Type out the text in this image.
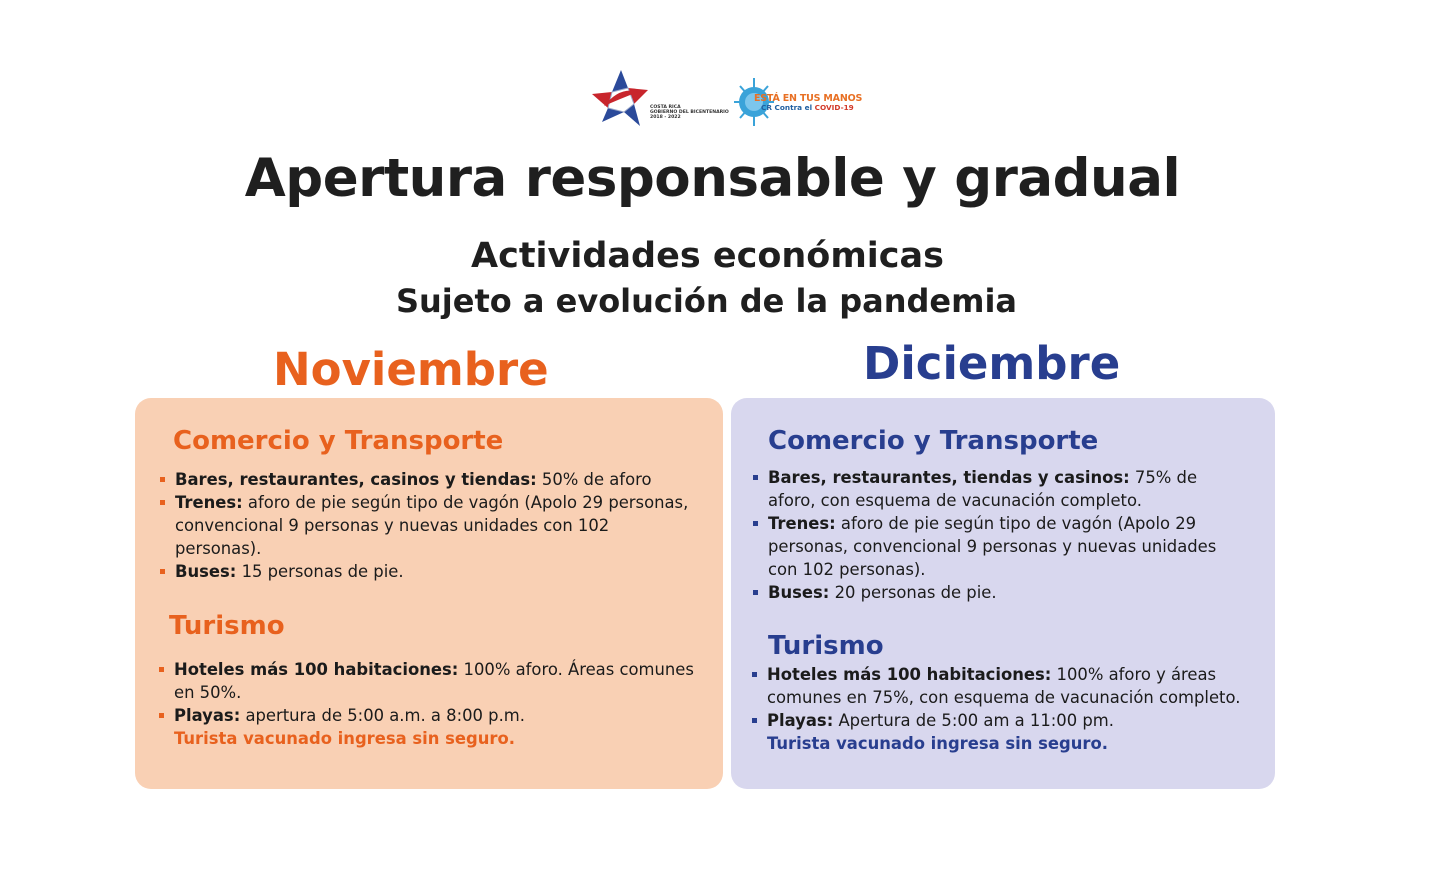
COSTA RICA
GOBIERNO DEL BICENTENARIO
2018 - 2022
ESTÁ EN TUS MANOS
CR Contra el COVID-19
Apertura responsable y gradual
Actividades económicas
Sujeto a evolución de la pandemia
Noviembre	Diciembre
Comercio y Transporte
Bares, restaurantes, casinos y tiendas: 50% de aforo
Trenes: aforo de pie según tipo de vagón (Apolo 29 personas, convencional 9 personas y nuevas unidades con 102 personas).
Buses: 15 personas de pie.
Turismo
Hoteles más 100 habitaciones: 100% aforo. Áreas comunes en 50%.
Playas: apertura de 5:00 a.m. a 8:00 p.m.
Turista vacunado ingresa sin seguro.
Comercio y Transporte
Bares, restaurantes, tiendas y casinos: 75% de aforo, con esquema de vacunación completo.
Trenes: aforo de pie según tipo de vagón (Apolo 29 personas, convencional 9 personas y nuevas unidades con 102 personas).
Buses: 20 personas de pie.
Turismo
Hoteles más 100 habitaciones: 100% aforo y áreas comunes en 75%, con esquema de vacunación completo.
Playas: Apertura de 5:00 am a 11:00 pm.
Turista vacunado ingresa sin seguro.
